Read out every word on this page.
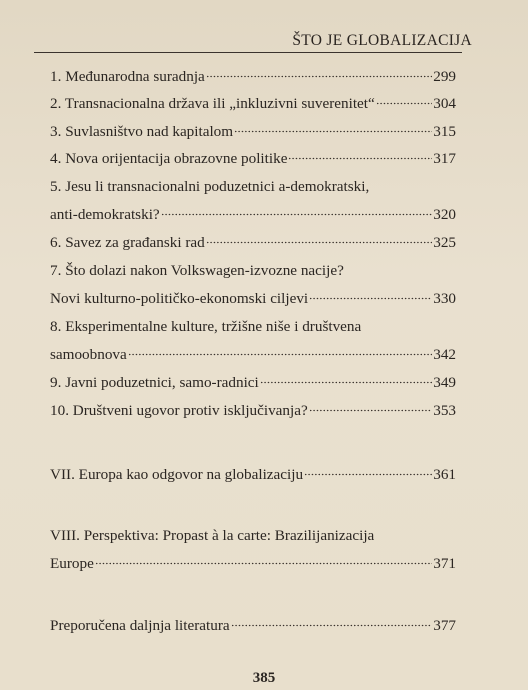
ŠTO JE GLOBALIZACIJA
1. Međunarodna suradnja	299
2. Transnacionalna država ili „inkluzivni suverenitet“	304
3. Suvlasništvo nad kapitalom	315
4. Nova orijentacija obrazovne politike	317
5. Jesu li transnacionalni poduzetnici a-demokratski,
anti-demokratski?	320
6. Savez za građanski rad	325
7. Što dolazi nakon Volkswagen-izvozne nacije?
Novi kulturno-političko-ekonomski ciljevi	330
8. Eksperimentalne kulture, tržišne niše i društvena
samoobnova	342
9. Javni poduzetnici, samo-radnici	349
10. Društveni ugovor protiv isključivanja?	353
VII. Europa kao odgovor na globalizaciju	361
VIII. Perspektiva: Propast à la carte: Brazilijanizacija
Europe	371
Preporučena daljnja literatura	377
385
